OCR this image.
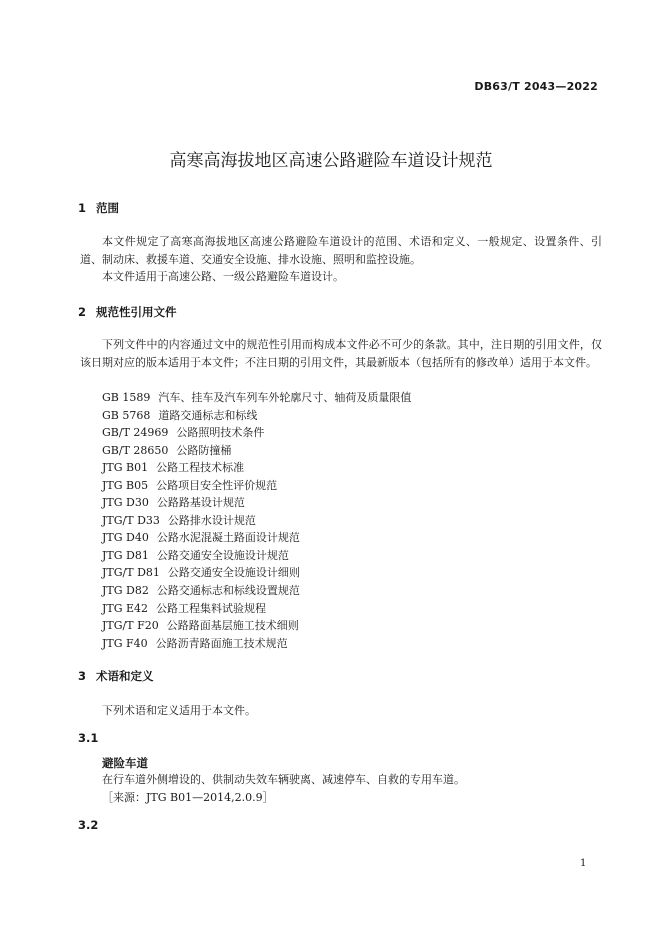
DB63/T 2043—2022
高寒高海拔地区高速公路避险车道设计规范
1 范围
本文件规定了高寒高海拔地区高速公路避险车道设计的范围、术语和定义、一般规定、设置条件、引道、制动床、救援车道、交通安全设施、排水设施、照明和监控设施。
本文件适用于高速公路、一级公路避险车道设计。
2 规范性引用文件
下列文件中的内容通过文中的规范性引用而构成本文件必不可少的条款。其中，注日期的引用文件，仅该日期对应的版本适用于本文件；不注日期的引用文件，其最新版本（包括所有的修改单）适用于本文件。
GB 1589 汽车、挂车及汽车列车外轮廓尺寸、轴荷及质量限值
GB 5768 道路交通标志和标线
GB/T 24969 公路照明技术条件
GB/T 28650 公路防撞桶
JTG B01 公路工程技术标准
JTG B05 公路项目安全性评价规范
JTG D30 公路路基设计规范
JTG/T D33 公路排水设计规范
JTG D40 公路水泥混凝土路面设计规范
JTG D81 公路交通安全设施设计规范
JTG/T D81 公路交通安全设施设计细则
JTG D82 公路交通标志和标线设置规范
JTG E42 公路工程集料试验规程
JTG/T F20 公路路面基层施工技术细则
JTG F40 公路沥青路面施工技术规范
3 术语和定义
下列术语和定义适用于本文件。
3.1
避险车道
在行车道外侧增设的、供制动失效车辆驶离、减速停车、自救的专用车道。
［来源：JTG B01—2014,2.0.9］
3.2
1
